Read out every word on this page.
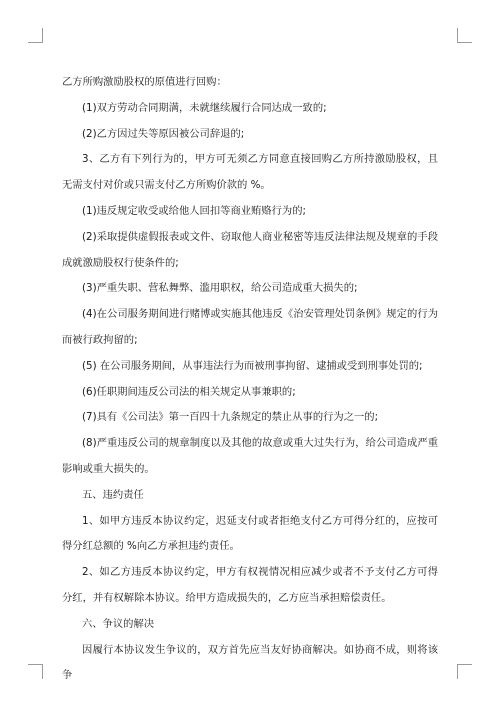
乙方所购激励股权的原值进行回购：

(1)双方劳动合同期满，未就继续履行合同达成一致的;

(2)乙方因过失等原因被公司辞退的;

3、乙方有下列行为的，甲方可无须乙方同意直接回购乙方所持激励股权，且无需支付对价或只需支付乙方所购价款的 %。

(1)违反规定收受或给他人回扣等商业贿赂行为的;

(2)采取提供虚假报表或文件、窃取他人商业秘密等违反法律法规及规章的手段成就激励股权行使条件的;

(3)严重失职、营私舞弊、滥用职权，给公司造成重大损失的;

(4)在公司服务期间进行赌博或实施其他违反《治安管理处罚条例》规定的行为而被行政拘留的;

(5) 在公司服务期间，从事违法行为而被刑事拘留、逮捕或受到刑事处罚的;

(6)任职期间违反公司法的相关规定从事兼职的;

(7)具有《公司法》第一百四十九条规定的禁止从事的行为之一的;

(8)严重违反公司的规章制度以及其他的故意或重大过失行为，给公司造成严重影响或重大损失的。

五、违约责任

1、如甲方违反本协议约定，迟延支付或者拒绝支付乙方可得分红的，应按可得分红总额的 %向乙方承担违约责任。

2、如乙方违反本协议约定，甲方有权视情况相应减少或者不予支付乙方可得分红，并有权解除本协议。给甲方造成损失的，乙方应当承担赔偿责任。

六、争议的解决

因履行本协议发生争议的，双方首先应当友好协商解决。如协商不成，则将该争
